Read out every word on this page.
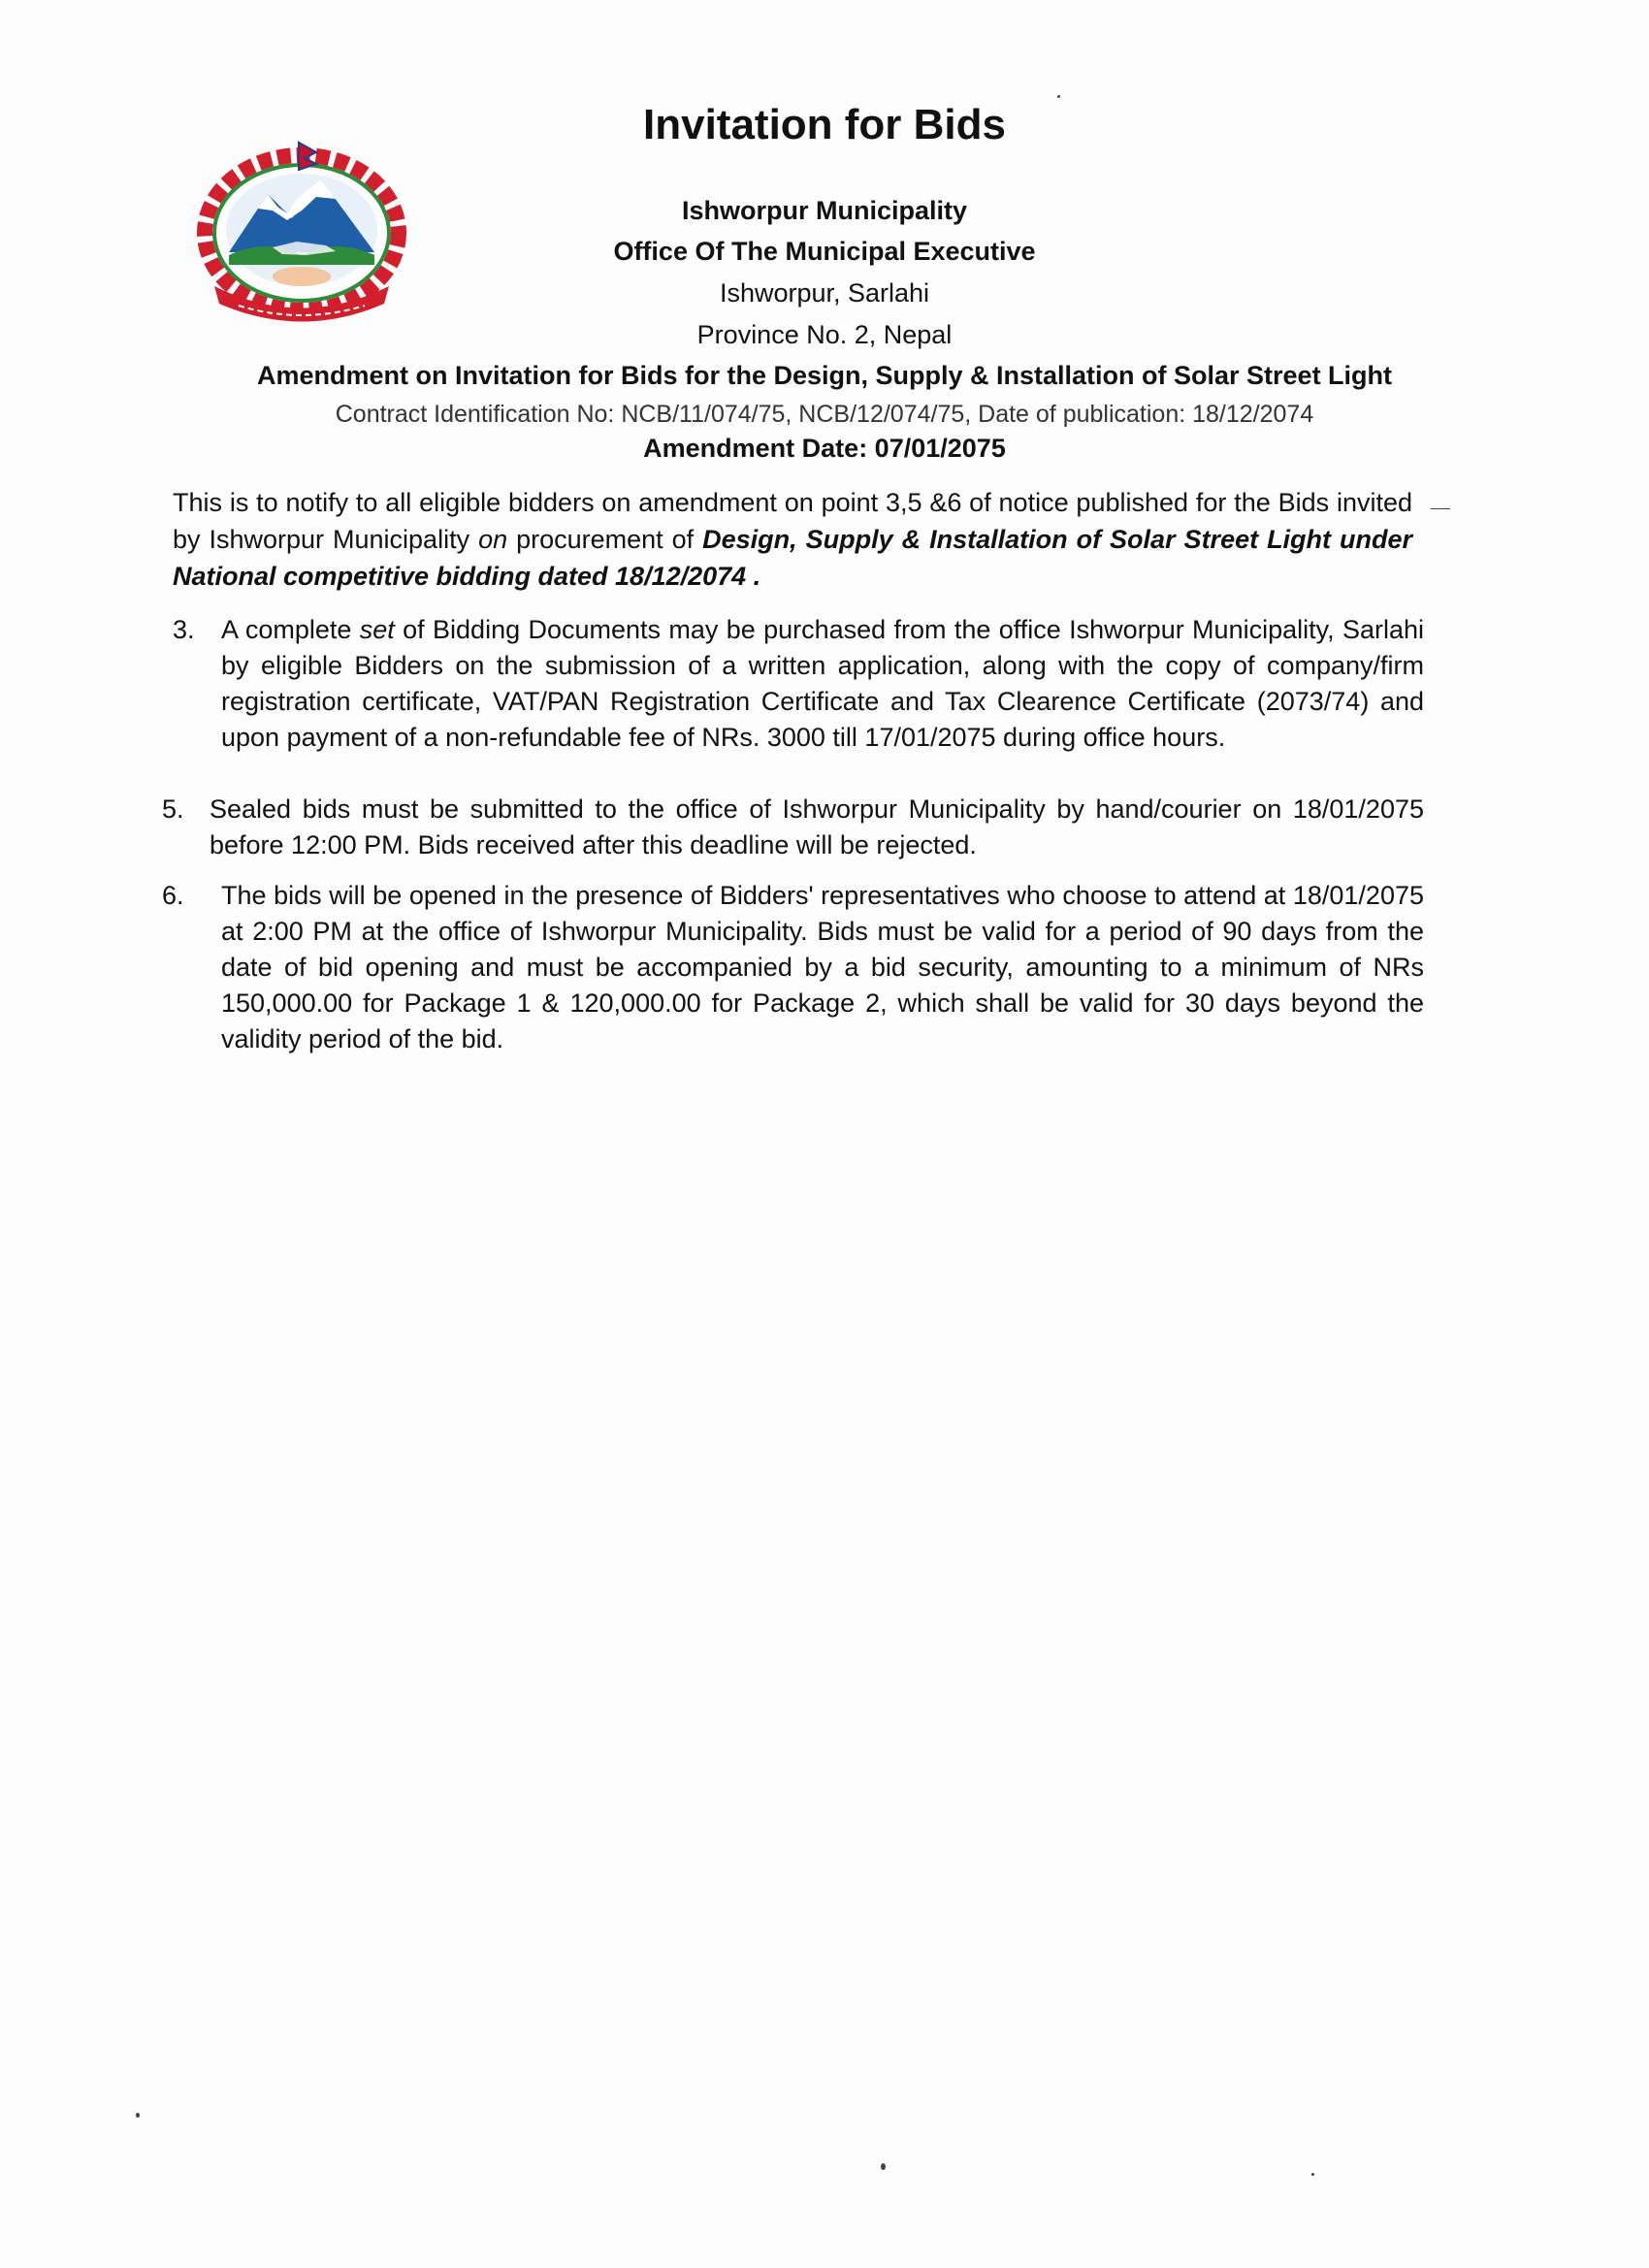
Invitation for Bids
Ishworpur Municipality
Office Of The Municipal Executive
Ishworpur, Sarlahi
Province No. 2, Nepal
Amendment on Invitation for Bids for the Design, Supply & Installation of Solar Street Light
Contract Identification No: NCB/11/074/75, NCB/12/074/75, Date of publication: 18/12/2074
Amendment Date: 07/01/2075
This is to notify to all eligible bidders on amendment on point 3,5 &6 of notice published for the Bids invited by Ishworpur Municipality on procurement of Design, Supply & Installation of Solar Street Light under National competitive bidding dated 18/12/2074 .
3. A complete set of Bidding Documents may be purchased from the office Ishworpur Municipality, Sarlahi by eligible Bidders on the submission of a written application, along with the copy of company/firm registration certificate, VAT/PAN Registration Certificate and Tax Clearence Certificate (2073/74) and upon payment of a non-refundable fee of NRs. 3000 till 17/01/2075 during office hours.
5. Sealed bids must be submitted to the office of Ishworpur Municipality by hand/courier on 18/01/2075 before 12:00 PM. Bids received after this deadline will be rejected.
6. The bids will be opened in the presence of Bidders' representatives who choose to attend at 18/01/2075 at 2:00 PM at the office of Ishworpur Municipality. Bids must be valid for a period of 90 days from the date of bid opening and must be accompanied by a bid security, amounting to a minimum of NRs 150,000.00 for Package 1 & 120,000.00 for Package 2, which shall be valid for 30 days beyond the validity period of the bid.
